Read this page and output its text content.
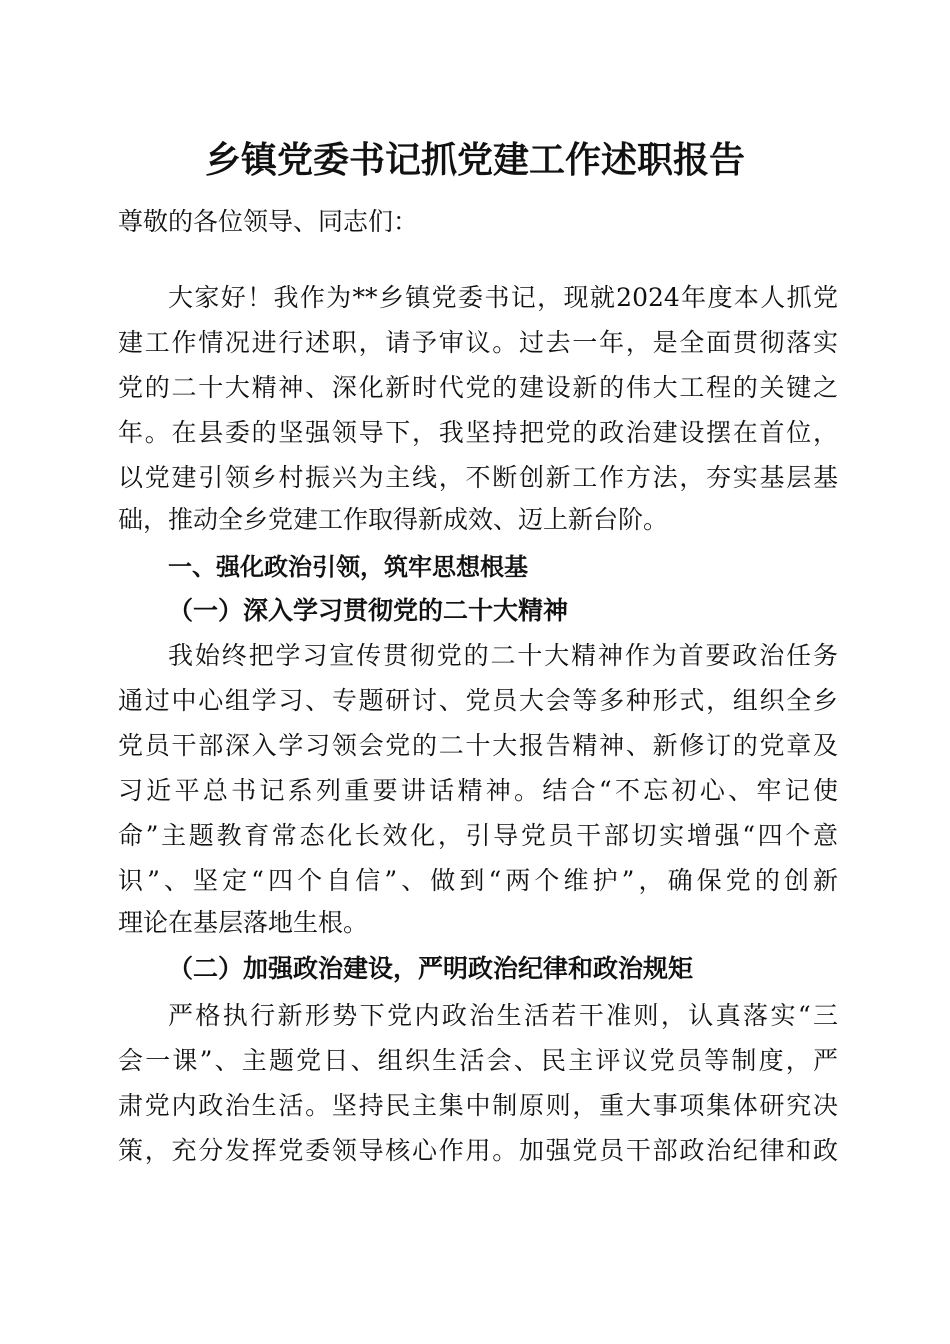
乡镇党委书记抓党建工作述职报告
尊敬的各位领导、同志们：
大家好！我作为**乡镇党委书记，现就2024年度本人抓党
建工作情况进行述职，请予审议。过去一年，是全面贯彻落实
党的二十大精神、深化新时代党的建设新的伟大工程的关键之
年。在县委的坚强领导下，我坚持把党的政治建设摆在首位，
以党建引领乡村振兴为主线，不断创新工作方法，夯实基层基
础，推动全乡党建工作取得新成效、迈上新台阶。
一、强化政治引领，筑牢思想根基
（一）深入学习贯彻党的二十大精神
我始终把学习宣传贯彻党的二十大精神作为首要政治任务
通过中心组学习、专题研讨、党员大会等多种形式，组织全乡
党员干部深入学习领会党的二十大报告精神、新修订的党章及
习近平总书记系列重要讲话精神。结合“不忘初心、牢记使
命”主题教育常态化长效化，引导党员干部切实增强“四个意
识”、坚定“四个自信”、做到“两个维护”，确保党的创新
理论在基层落地生根。
（二）加强政治建设，严明政治纪律和政治规矩
严格执行新形势下党内政治生活若干准则，认真落实“三
会一课”、主题党日、组织生活会、民主评议党员等制度，严
肃党内政治生活。坚持民主集中制原则，重大事项集体研究决
策，充分发挥党委领导核心作用。加强党员干部政治纪律和政
